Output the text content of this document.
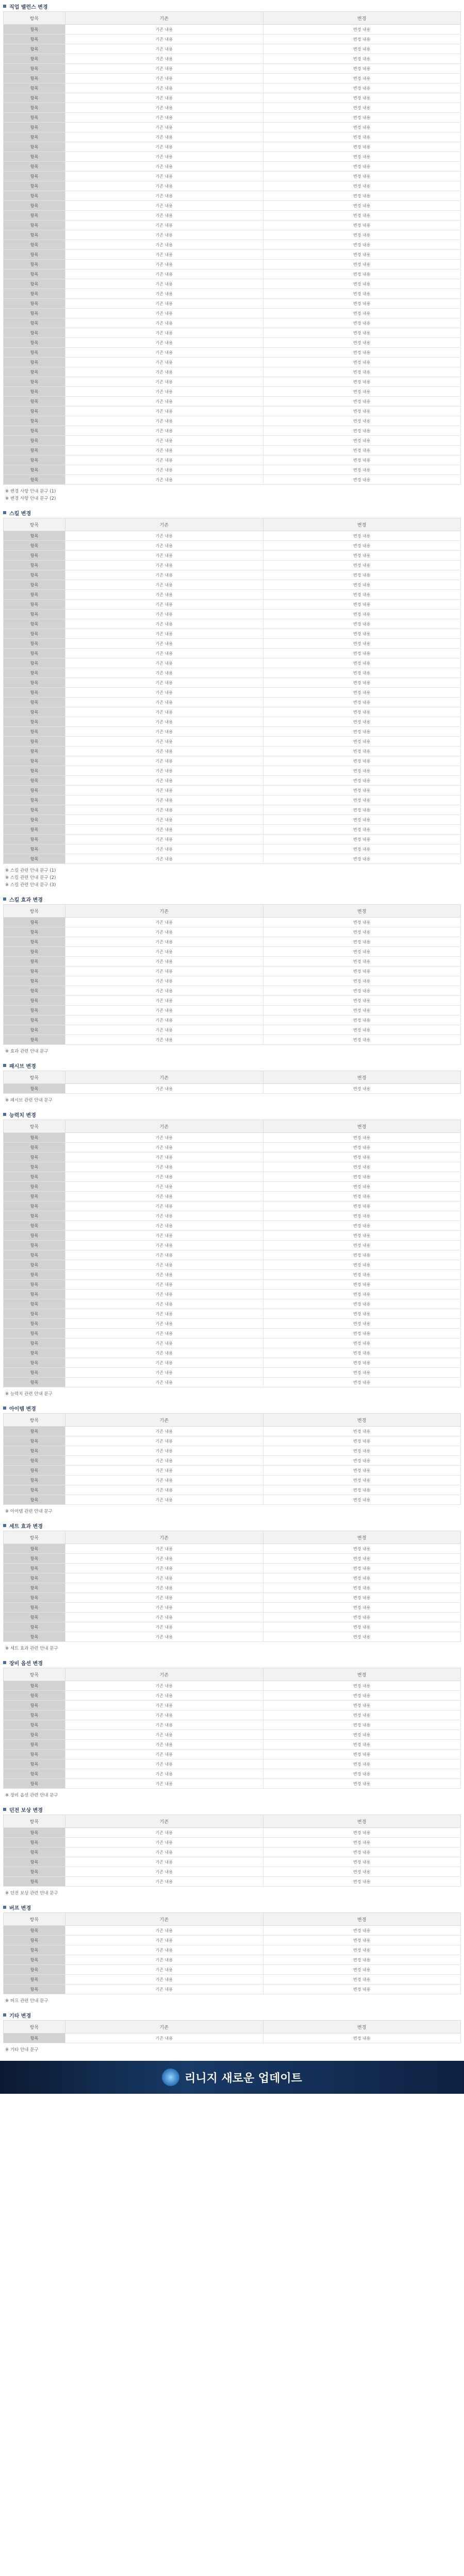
직업 밸런스 변경
항목	기존	변경
항목	기존 내용	변경 내용
항목	기존 내용	변경 내용
항목	기존 내용	변경 내용
항목	기존 내용	변경 내용
항목	기존 내용	변경 내용
항목	기존 내용	변경 내용
항목	기존 내용	변경 내용
항목	기존 내용	변경 내용
항목	기존 내용	변경 내용
항목	기존 내용	변경 내용
항목	기존 내용	변경 내용
항목	기존 내용	변경 내용
항목	기존 내용	변경 내용
항목	기존 내용	변경 내용
항목	기존 내용	변경 내용
항목	기존 내용	변경 내용
항목	기존 내용	변경 내용
항목	기존 내용	변경 내용
항목	기존 내용	변경 내용
항목	기존 내용	변경 내용
항목	기존 내용	변경 내용
항목	기존 내용	변경 내용
항목	기존 내용	변경 내용
항목	기존 내용	변경 내용
항목	기존 내용	변경 내용
항목	기존 내용	변경 내용
항목	기존 내용	변경 내용
항목	기존 내용	변경 내용
항목	기존 내용	변경 내용
항목	기존 내용	변경 내용
항목	기존 내용	변경 내용
항목	기존 내용	변경 내용
항목	기존 내용	변경 내용
항목	기존 내용	변경 내용
항목	기존 내용	변경 내용
항목	기존 내용	변경 내용
항목	기존 내용	변경 내용
항목	기존 내용	변경 내용
항목	기존 내용	변경 내용
항목	기존 내용	변경 내용
항목	기존 내용	변경 내용
항목	기존 내용	변경 내용
항목	기존 내용	변경 내용
항목	기존 내용	변경 내용
항목	기존 내용	변경 내용
항목	기존 내용	변경 내용
항목	기존 내용	변경 내용
※ 변경 사항 안내 문구 (1)
※ 변경 사항 안내 문구 (2)
스킬 변경
항목	기존	변경
항목	기존 내용	변경 내용
항목	기존 내용	변경 내용
항목	기존 내용	변경 내용
항목	기존 내용	변경 내용
항목	기존 내용	변경 내용
항목	기존 내용	변경 내용
항목	기존 내용	변경 내용
항목	기존 내용	변경 내용
항목	기존 내용	변경 내용
항목	기존 내용	변경 내용
항목	기존 내용	변경 내용
항목	기존 내용	변경 내용
항목	기존 내용	변경 내용
항목	기존 내용	변경 내용
항목	기존 내용	변경 내용
항목	기존 내용	변경 내용
항목	기존 내용	변경 내용
항목	기존 내용	변경 내용
항목	기존 내용	변경 내용
항목	기존 내용	변경 내용
항목	기존 내용	변경 내용
항목	기존 내용	변경 내용
항목	기존 내용	변경 내용
항목	기존 내용	변경 내용
항목	기존 내용	변경 내용
항목	기존 내용	변경 내용
항목	기존 내용	변경 내용
항목	기존 내용	변경 내용
항목	기존 내용	변경 내용
항목	기존 내용	변경 내용
항목	기존 내용	변경 내용
항목	기존 내용	변경 내용
항목	기존 내용	변경 내용
항목	기존 내용	변경 내용
※ 스킬 관련 안내 문구 (1)
※ 스킬 관련 안내 문구 (2)
※ 스킬 관련 안내 문구 (3)
스킬 효과 변경
항목	기존	변경
항목	기존 내용	변경 내용
항목	기존 내용	변경 내용
항목	기존 내용	변경 내용
항목	기존 내용	변경 내용
항목	기존 내용	변경 내용
항목	기존 내용	변경 내용
항목	기존 내용	변경 내용
항목	기존 내용	변경 내용
항목	기존 내용	변경 내용
항목	기존 내용	변경 내용
항목	기존 내용	변경 내용
항목	기존 내용	변경 내용
항목	기존 내용	변경 내용
※ 효과 관련 안내 문구
패시브 변경
항목	기존	변경
항목	기존 내용	변경 내용
※ 패시브 관련 안내 문구
능력치 변경
항목	기존	변경
항목	기존 내용	변경 내용
항목	기존 내용	변경 내용
항목	기존 내용	변경 내용
항목	기존 내용	변경 내용
항목	기존 내용	변경 내용
항목	기존 내용	변경 내용
항목	기존 내용	변경 내용
항목	기존 내용	변경 내용
항목	기존 내용	변경 내용
항목	기존 내용	변경 내용
항목	기존 내용	변경 내용
항목	기존 내용	변경 내용
항목	기존 내용	변경 내용
항목	기존 내용	변경 내용
항목	기존 내용	변경 내용
항목	기존 내용	변경 내용
항목	기존 내용	변경 내용
항목	기존 내용	변경 내용
항목	기존 내용	변경 내용
항목	기존 내용	변경 내용
항목	기존 내용	변경 내용
항목	기존 내용	변경 내용
항목	기존 내용	변경 내용
항목	기존 내용	변경 내용
항목	기존 내용	변경 내용
항목	기존 내용	변경 내용
※ 능력치 관련 안내 문구
아이템 변경
항목	기존	변경
항목	기존 내용	변경 내용
항목	기존 내용	변경 내용
항목	기존 내용	변경 내용
항목	기존 내용	변경 내용
항목	기존 내용	변경 내용
항목	기존 내용	변경 내용
항목	기존 내용	변경 내용
항목	기존 내용	변경 내용
※ 아이템 관련 안내 문구
세트 효과 변경
항목	기존	변경
항목	기존 내용	변경 내용
항목	기존 내용	변경 내용
항목	기존 내용	변경 내용
항목	기존 내용	변경 내용
항목	기존 내용	변경 내용
항목	기존 내용	변경 내용
항목	기존 내용	변경 내용
항목	기존 내용	변경 내용
항목	기존 내용	변경 내용
항목	기존 내용	변경 내용
※ 세트 효과 관련 안내 문구
장비 옵션 변경
항목	기존	변경
항목	기존 내용	변경 내용
항목	기존 내용	변경 내용
항목	기존 내용	변경 내용
항목	기존 내용	변경 내용
항목	기존 내용	변경 내용
항목	기존 내용	변경 내용
항목	기존 내용	변경 내용
항목	기존 내용	변경 내용
항목	기존 내용	변경 내용
항목	기존 내용	변경 내용
항목	기존 내용	변경 내용
※ 장비 옵션 관련 안내 문구
던전 보상 변경
항목	기존	변경
항목	기존 내용	변경 내용
항목	기존 내용	변경 내용
항목	기존 내용	변경 내용
항목	기존 내용	변경 내용
항목	기존 내용	변경 내용
항목	기존 내용	변경 내용
※ 던전 보상 관련 안내 문구
버프 변경
항목	기존	변경
항목	기존 내용	변경 내용
항목	기존 내용	변경 내용
항목	기존 내용	변경 내용
항목	기존 내용	변경 내용
항목	기존 내용	변경 내용
항목	기존 내용	변경 내용
항목	기존 내용	변경 내용
※ 버프 관련 안내 문구
기타 변경
항목	기존	변경
항목	기존 내용	변경 내용
※ 기타 안내 문구
리니지 새로운 업데이트
